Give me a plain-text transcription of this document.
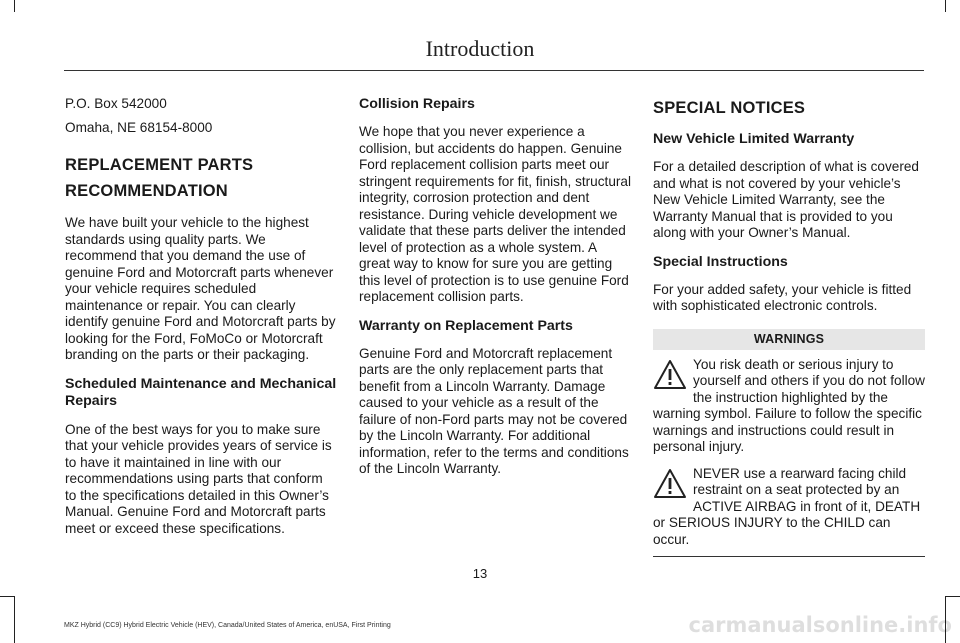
Introduction

P.O. Box 542000

Omaha, NE 68154-8000

REPLACEMENT PARTS
RECOMMENDATION

We have built your vehicle to the highest standards using quality parts. We recommend that you demand the use of genuine Ford and Motorcraft parts whenever your vehicle requires scheduled maintenance or repair. You can clearly identify genuine Ford and Motorcraft parts by looking for the Ford, FoMoCo or Motorcraft branding on the parts or their packaging.

Scheduled Maintenance and Mechanical Repairs

One of the best ways for you to make sure that your vehicle provides years of service is to have it maintained in line with our recommendations using parts that conform to the specifications detailed in this Owner’s Manual. Genuine Ford and Motorcraft parts meet or exceed these specifications.

Collision Repairs

We hope that you never experience a collision, but accidents do happen. Genuine Ford replacement collision parts meet our stringent requirements for fit, finish, structural integrity, corrosion protection and dent resistance. During vehicle development we validate that these parts deliver the intended level of protection as a whole system. A great way to know for sure you are getting this level of protection is to use genuine Ford replacement collision parts.

Warranty on Replacement Parts

Genuine Ford and Motorcraft replacement parts are the only replacement parts that benefit from a Lincoln Warranty. Damage caused to your vehicle as a result of the failure of non-Ford parts may not be covered by the Lincoln Warranty. For additional information, refer to the terms and conditions of the Lincoln Warranty.

SPECIAL NOTICES
New Vehicle Limited Warranty

For a detailed description of what is covered and what is not covered by your vehicle’s New Vehicle Limited Warranty, see the Warranty Manual that is provided to you along with your Owner’s Manual.

Special Instructions

For your added safety, your vehicle is fitted with sophisticated electronic controls.

WARNINGS
You risk death or serious injury to yourself and others if you do not follow the instruction highlighted by the warning symbol. Failure to follow the specific warnings and instructions could result in personal injury.
NEVER use a rearward facing child restraint on a seat protected by an ACTIVE AIRBAG in front of it, DEATH or SERIOUS INJURY to the CHILD can occur.
13
MKZ Hybrid (CC9) Hybrid Electric Vehicle (HEV), Canada/United States of America, enUSA, First Printing	carmanualsonline.info
